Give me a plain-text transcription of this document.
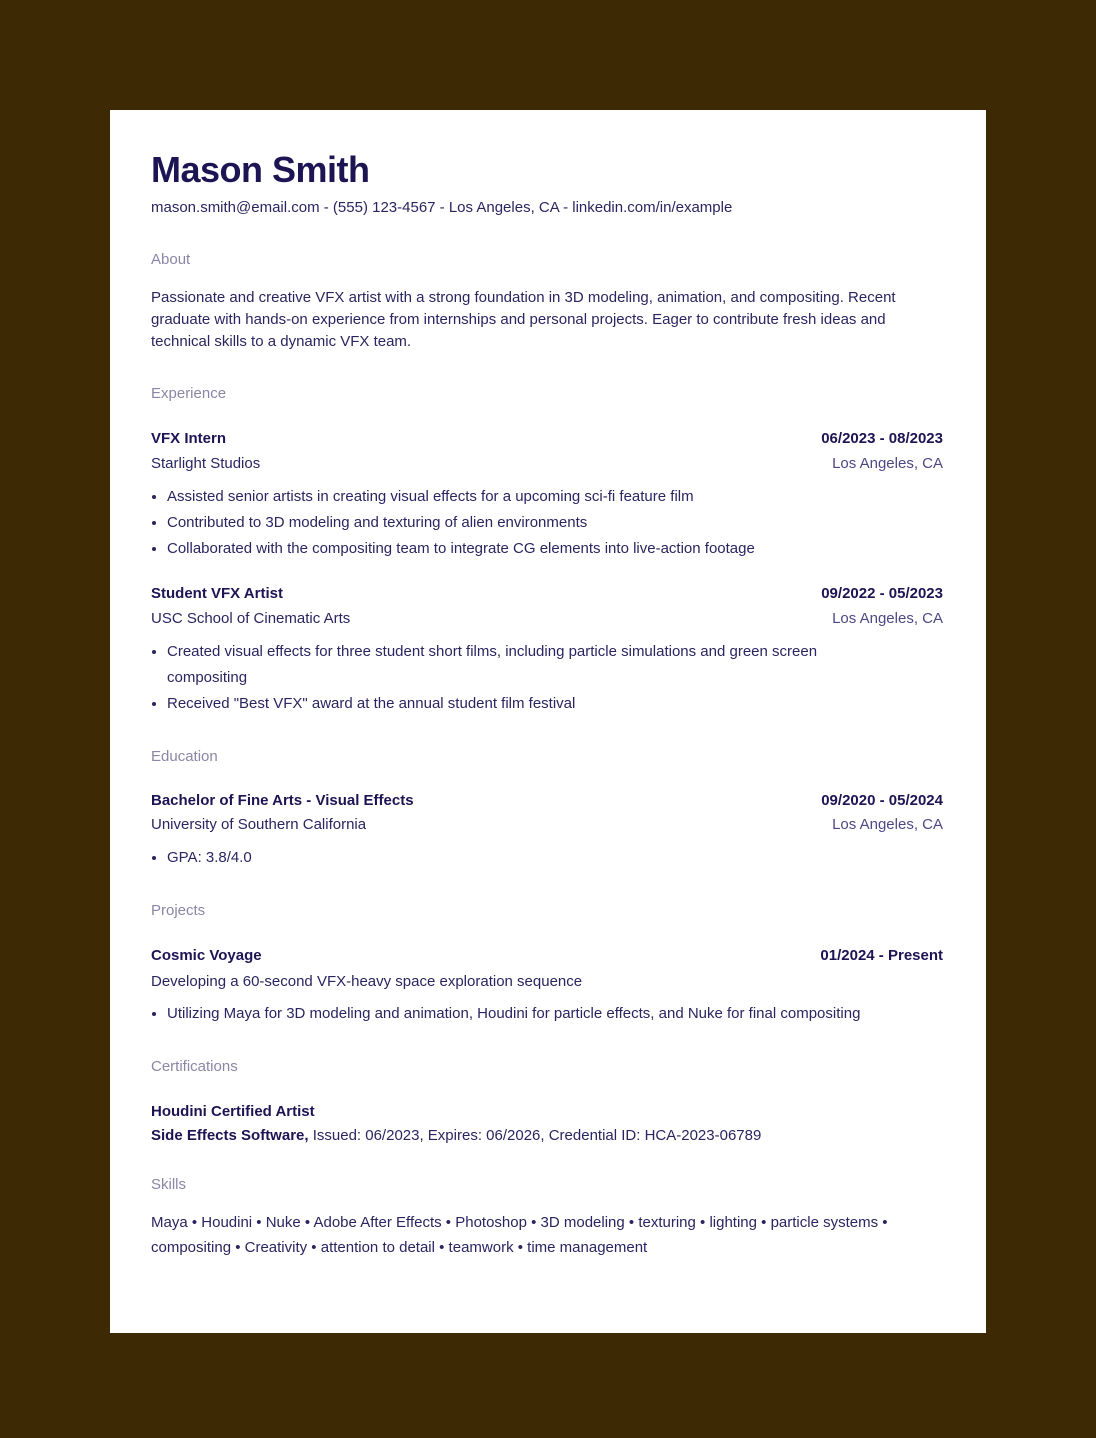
Mason Smith
mason.smith@email.com - (555) 123-4567 - Los Angeles, CA - linkedin.com/in/example
About
Passionate and creative VFX artist with a strong foundation in 3D modeling, animation, and compositing. Recent graduate with hands-on experience from internships and personal projects. Eager to contribute fresh ideas and technical skills to a dynamic VFX team.
Experience
VFX Intern	06/2023 - 08/2023
Starlight Studios	Los Angeles, CA
• Assisted senior artists in creating visual effects for a upcoming sci-fi feature film
• Contributed to 3D modeling and texturing of alien environments
• Collaborated with the compositing team to integrate CG elements into live-action footage
Student VFX Artist	09/2022 - 05/2023
USC School of Cinematic Arts	Los Angeles, CA
• Created visual effects for three student short films, including particle simulations and green screen compositing
• Received "Best VFX" award at the annual student film festival
Education
Bachelor of Fine Arts - Visual Effects	09/2020 - 05/2024
University of Southern California	Los Angeles, CA
• GPA: 3.8/4.0
Projects
Cosmic Voyage	01/2024 - Present
Developing a 60-second VFX-heavy space exploration sequence
• Utilizing Maya for 3D modeling and animation, Houdini for particle effects, and Nuke for final compositing
Certifications
Houdini Certified Artist
Side Effects Software, Issued: 06/2023, Expires: 06/2026, Credential ID: HCA-2023-06789
Skills
Maya • Houdini • Nuke • Adobe After Effects • Photoshop • 3D modeling • texturing • lighting • particle systems • compositing • Creativity • attention to detail • teamwork • time management
